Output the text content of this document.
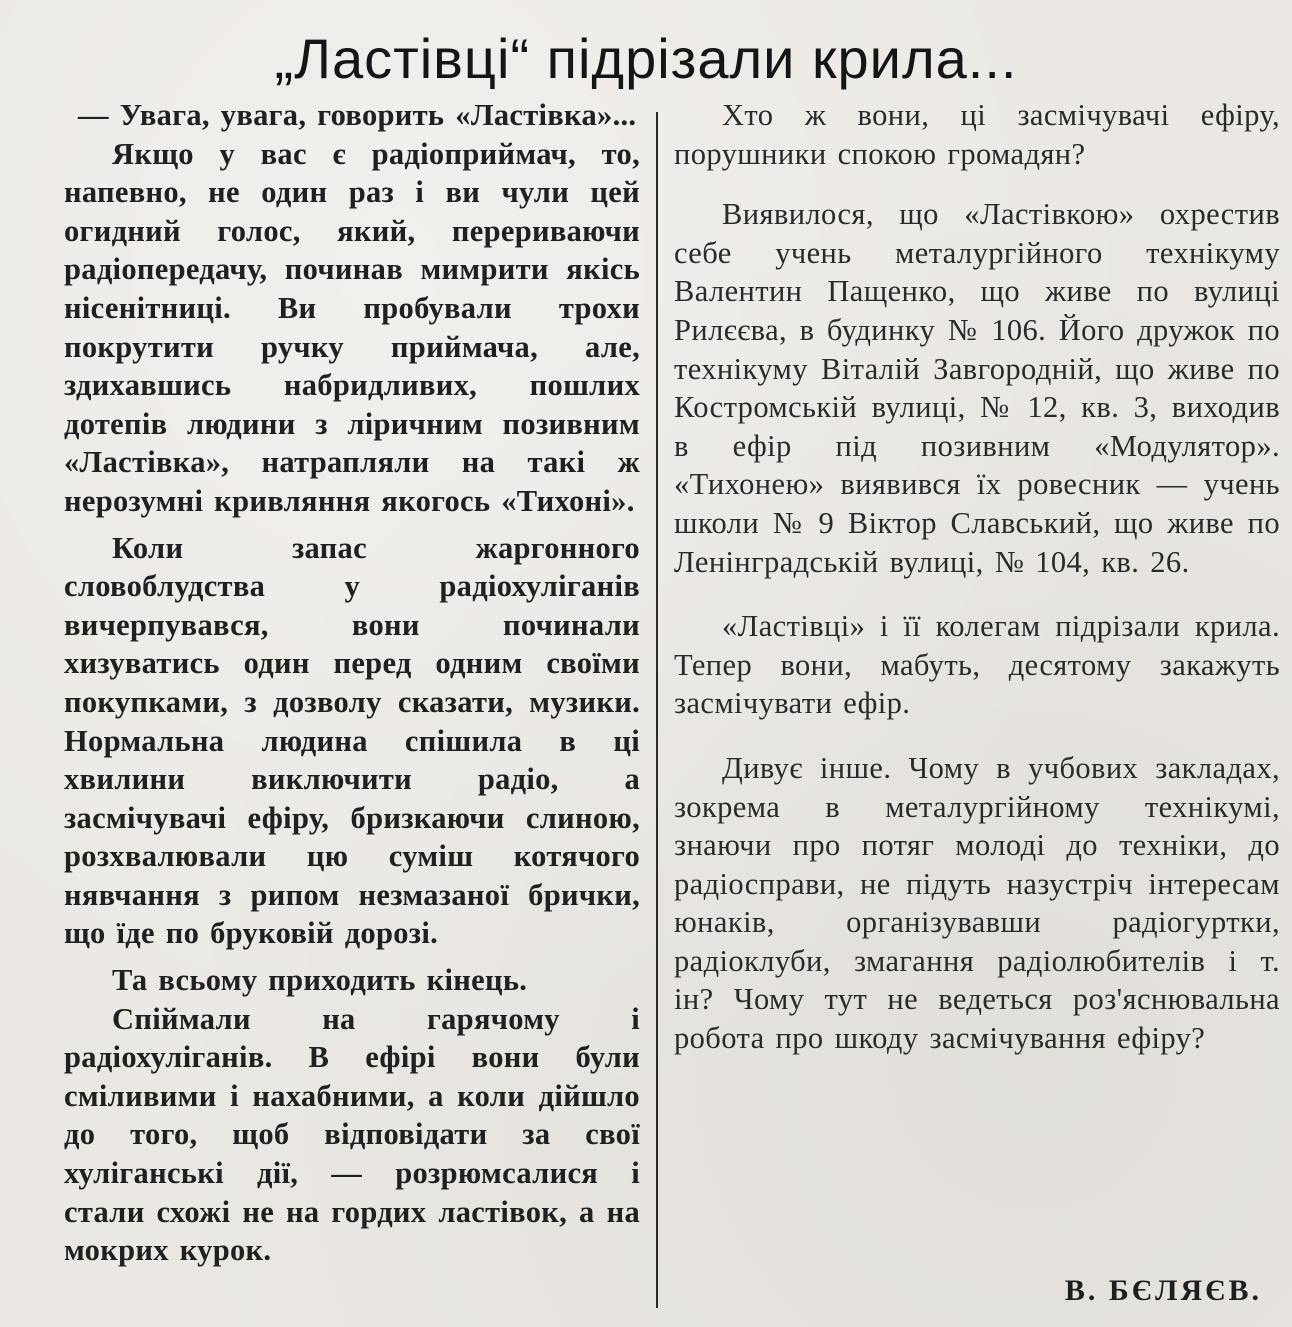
„Ластівці“ підрізали крила...

— Увага, увага, говорить «Ластівка»...

Якщо у вас є радіоприймач, то, напевно, не один раз і ви чули цей огидний голос, який, перериваючи радіопередачу, починав мимрити якісь нісенітниці. Ви пробували трохи покрутити ручку приймача, але, здихавшись набридливих, пошлих дотепів людини з ліричним позивним «Ластівка», натрапляли на такі ж нерозумні кривляння якогось «Тихоні».

Коли запас жаргонного словоблудства у радіохуліганів вичерпувався, вони починали хизуватись один перед одним своїми покупками, з дозволу сказати, музики. Нормальна людина спішила в ці хвилини виключити радіо, а засмічувачі ефіру, бризкаючи слиною, розхвалювали цю суміш котячого нявчання з рипом незмазаної брички, що їде по бруковій дорозі.

Та всьому приходить кінець.

Спіймали на гарячому і радіохуліганів. В ефірі вони були сміливими і нахабними, а коли дійшло до того, щоб відповідати за свої хуліганські дії, — розрюмсалися і стали схожі не на гордих ластівок, а на мокрих курок.

Хто ж вони, ці засмічувачі ефіру, порушники спокою громадян?

Виявилося, що «Ластівкою» охрестив себе учень металургійного технікуму Валентин Пащенко, що живе по вулиці Рилєєва, в будинку № 106. Його дружок по технікуму Віталій Завгородній, що живе по Костромській вулиці, № 12, кв. 3, виходив в ефір під позивним «Модулятор». «Тихонею» виявився їх ровесник — учень школи № 9 Віктор Славський, що живе по Ленінградській вулиці, № 104, кв. 26.

«Ластівці» і її колегам підрізали крила. Тепер вони, мабуть, десятому закажуть засмічувати ефір.

Дивує інше. Чому в учбових закладах, зокрема в металургійному технікумі, знаючи про потяг молоді до техніки, до радіосправи, не підуть назустріч інтересам юнаків, організувавши радіогуртки, радіоклуби, змагання радіолюбителів і т. ін? Чому тут не ведеться роз'яснювальна робота про шкоду засмічування ефіру?

В. БЄЛЯЄВ.
